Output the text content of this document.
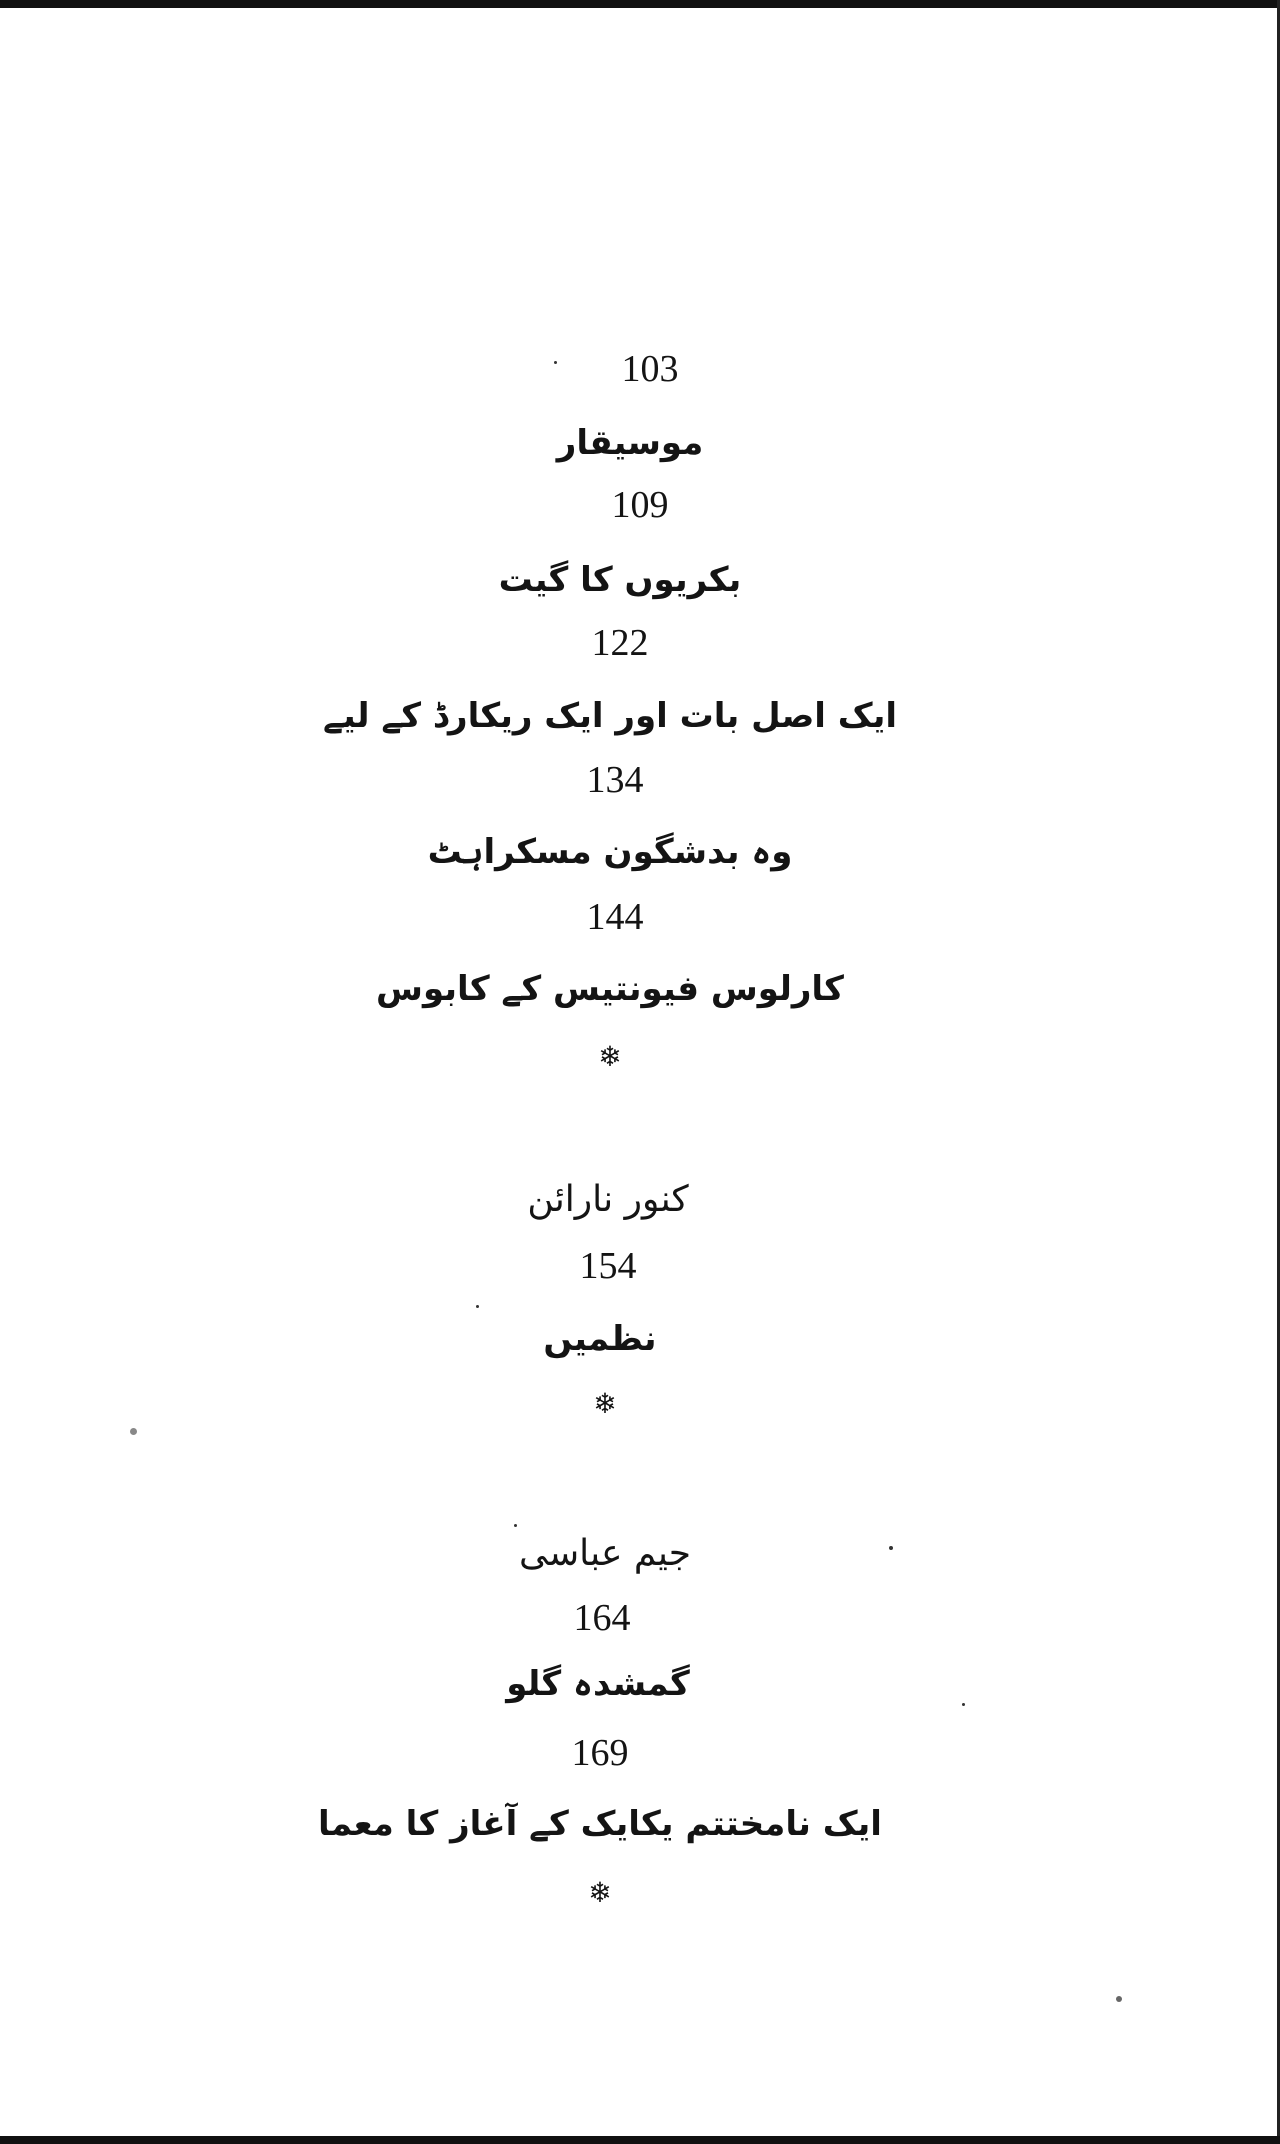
103
موسیقار
109
بکریوں کا گیت
122
ایک اصل بات اور ایک ریکارڈ کے لیے
134
وہ بدشگون مسکراہٹ
144
کارلوس فیونتیس کے کابوس
❄
کنور نارائن
154
نظمیں
❄
جیم عباسی
164
گمشدہ گلو
169
ایک نامختتم یکایک کے آغاز کا معما
❄
